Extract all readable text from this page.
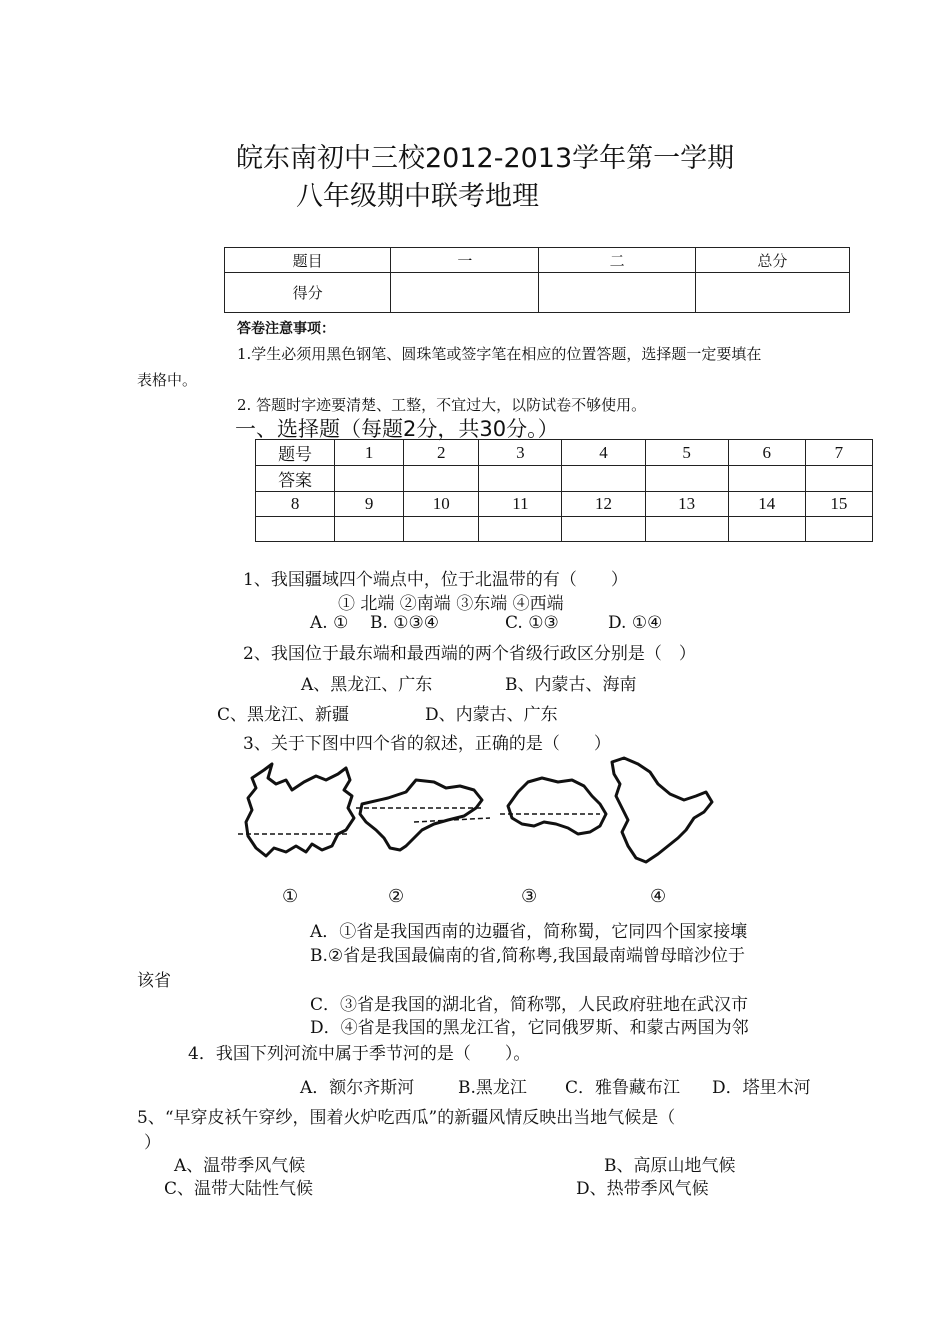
皖东南初中三校2012-2013学年第一学期
八年级期中联考地理
题目	一	二	总分
得分			
答卷注意事项：
1.学生必须用黑色钢笔、圆珠笔或签字笔在相应的位置答题，选择题一定要填在
表格中。
2. 答题时字迹要清楚、工整，不宜过大，以防试卷不够使用。
一、选择题（每题2分，共30分。）
题号	1	2	3	4	5	6	7
答案							
8	9	10	11	12	13	14	15

1、我国疆域四个端点中，位于北温带的有（　　）
① 北端 ②南端 ③东端 ④西端
A. ① B. ①③④	C. ①③	D. ①④
2、我国位于最东端和最西端的两个省级行政区分别是（　）
A、黑龙江、广东	B、内蒙古、海南
C、黑龙江、新疆	D、内蒙古、广东
3、关于下图中四个省的叙述，正确的是（　　）
①	②	③	④
A．①省是我国西南的边疆省，简称蜀，它同四个国家接壤
B.②省是我国最偏南的省,简称粤,我国最南端曾母暗沙位于
该省
C．③省是我国的湖北省，简称鄂，人民政府驻地在武汉市
D．④省是我国的黑龙江省，它同俄罗斯、和蒙古两国为邻
4．我国下列河流中属于季节河的是（　　）。
A．额尔齐斯河	B.黑龙江 C．雅鲁藏布江 D．塔里木河
5、“早穿皮袄午穿纱，围着火炉吃西瓜”的新疆风情反映出当地气候是（
）
A、温带季风气候	B、高原山地气候
C、温带大陆性气候	D、热带季风气候
